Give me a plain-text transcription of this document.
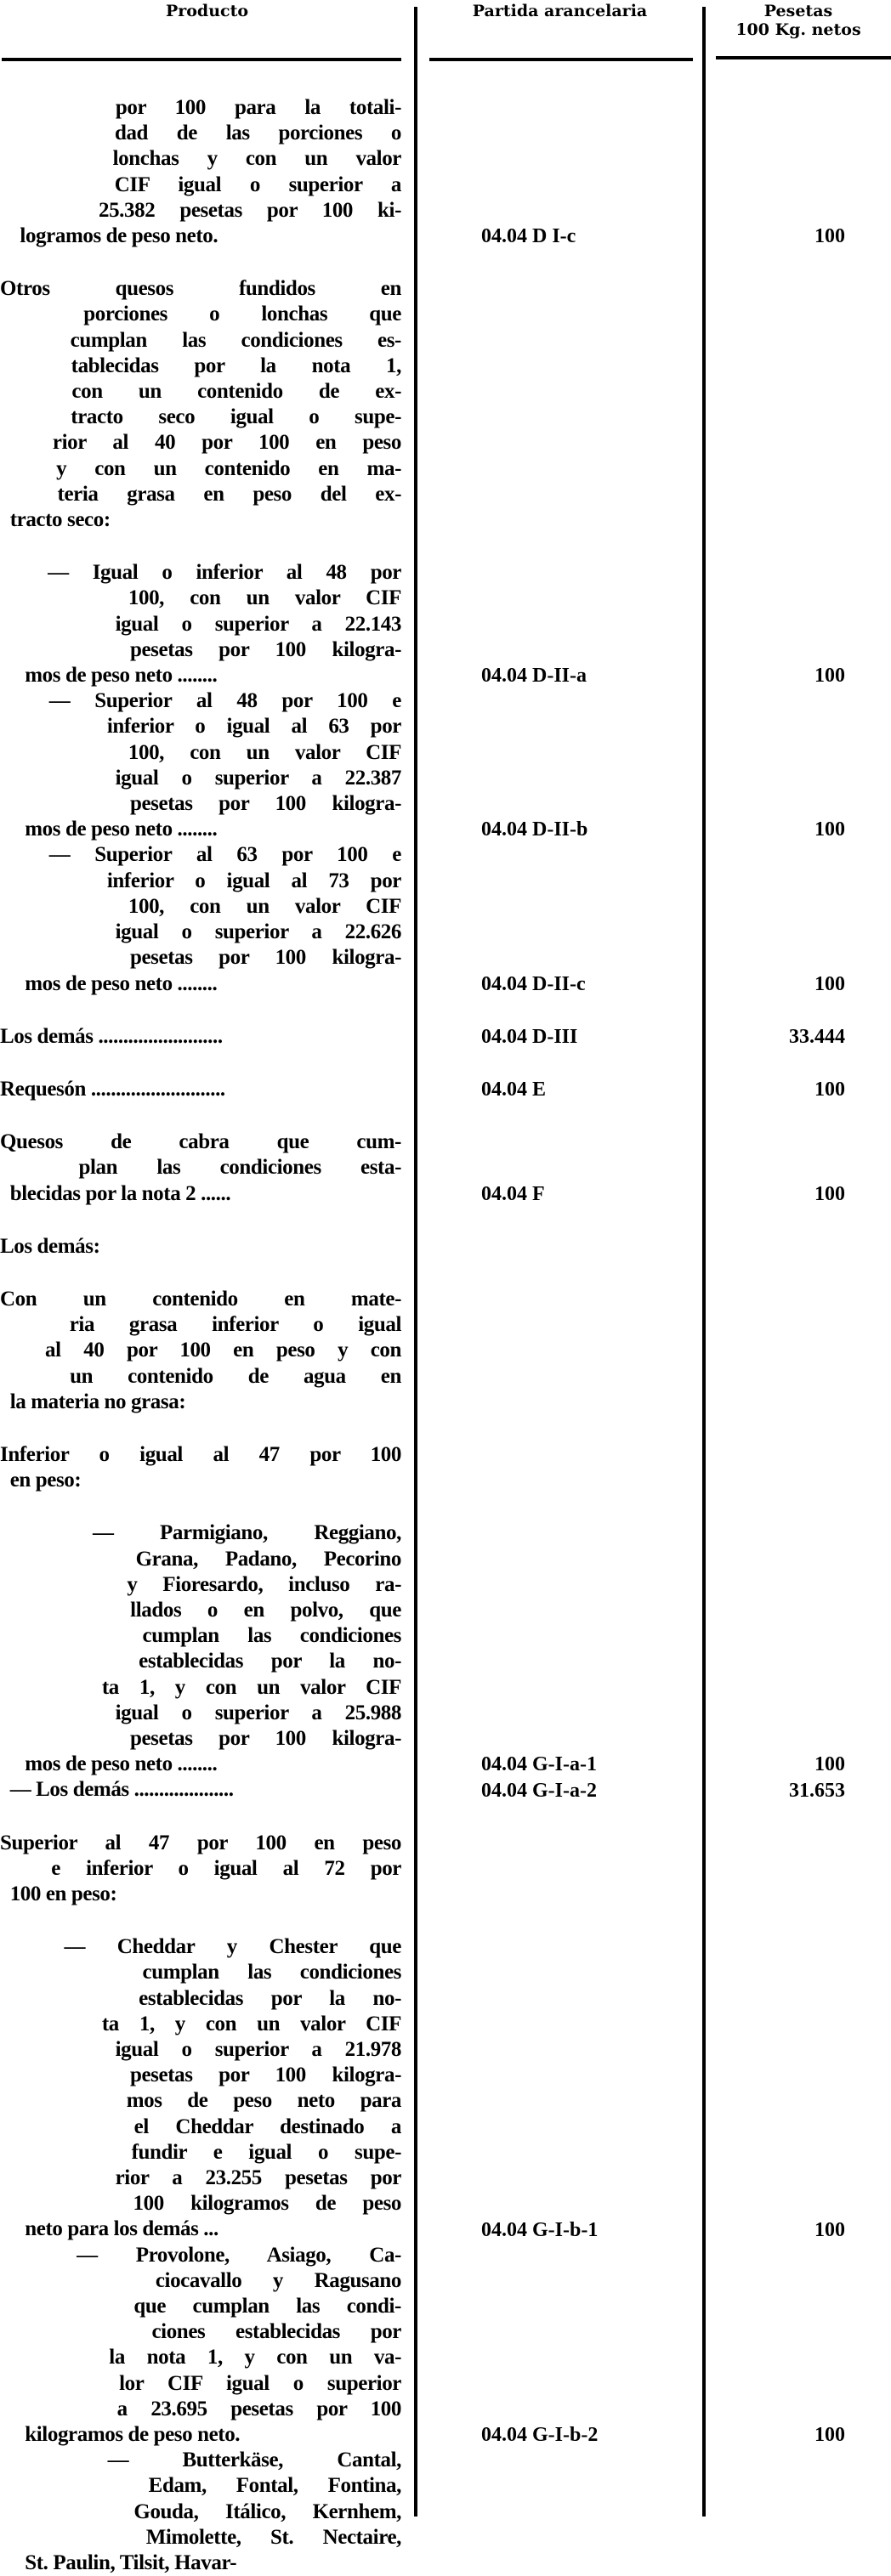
Producto	Partida arancelaria	Pesetas
100 Kg. netos
por 100 para la totali-
dad de las porciones o
lonchas y con un valor
CIF igual o superior a
25.382 pesetas por 100 ki-
logramos de peso neto.	04.04 D I-c	100
Otros quesos fundidos en
porciones o lonchas que
cumplan las condiciones es-
tablecidas por la nota 1,
con un contenido de ex-
tracto seco igual o supe-
rior al 40 por 100 en peso
y con un contenido en ma-
teria grasa en peso del ex-
tracto seco:
— Igual o inferior al 48 por
100, con un valor CIF
igual o superior a 22.143
pesetas por 100 kilogra-
mos de peso neto ........	04.04 D-II-a	100
— Superior al 48 por 100 e
inferior o igual al 63 por
100, con un valor CIF
igual o superior a 22.387
pesetas por 100 kilogra-
mos de peso neto ........	04.04 D-II-b	100
— Superior al 63 por 100 e
inferior o igual al 73 por
100, con un valor CIF
igual o superior a 22.626
pesetas por 100 kilogra-
mos de peso neto ........	04.04 D-II-c	100
Los demás .........................	04.04 D-III	33.444
Requesón ...........................	04.04 E	100
Quesos de cabra que cum-
plan las condiciones esta-
blecidas por la nota 2 ......	04.04 F	100
Los demás:
Con un contenido en mate-
ria grasa inferior o igual
al 40 por 100 en peso y con
un contenido de agua en
la materia no grasa:
Inferior o igual al 47 por 100
en peso:
— Parmigiano, Reggiano,
Grana, Padano, Pecorino
y Fioresardo, incluso ra-
llados o en polvo, que
cumplan las condiciones
establecidas por la no-
ta 1, y con un valor CIF
igual o superior a 25.988
pesetas por 100 kilogra-
mos de peso neto ........	04.04 G-I-a-1	100
— Los demás ....................	04.04 G-I-a-2	31.653
Superior al 47 por 100 en peso
e inferior o igual al 72 por
100 en peso:
— Cheddar y Chester que
cumplan las condiciones
establecidas por la no-
ta 1, y con un valor CIF
igual o superior a 21.978
pesetas por 100 kilogra-
mos de peso neto para
el Cheddar destinado a
fundir e igual o supe-
rior a 23.255 pesetas por
100 kilogramos de peso
neto para los demás ...	04.04 G-I-b-1	100
— Provolone, Asiago, Ca-
ciocavallo y Ragusano
que cumplan las condi-
ciones establecidas por
la nota 1, y con un va-
lor CIF igual o superior
a 23.695 pesetas por 100
kilogramos de peso neto.	04.04 G-I-b-2	100
— Butterkäse, Cantal,
Edam, Fontal, Fontina,
Gouda, Itálico, Kernhem,
Mimolette, St. Nectaire,
St. Paulin, Tilsit, Havar-
